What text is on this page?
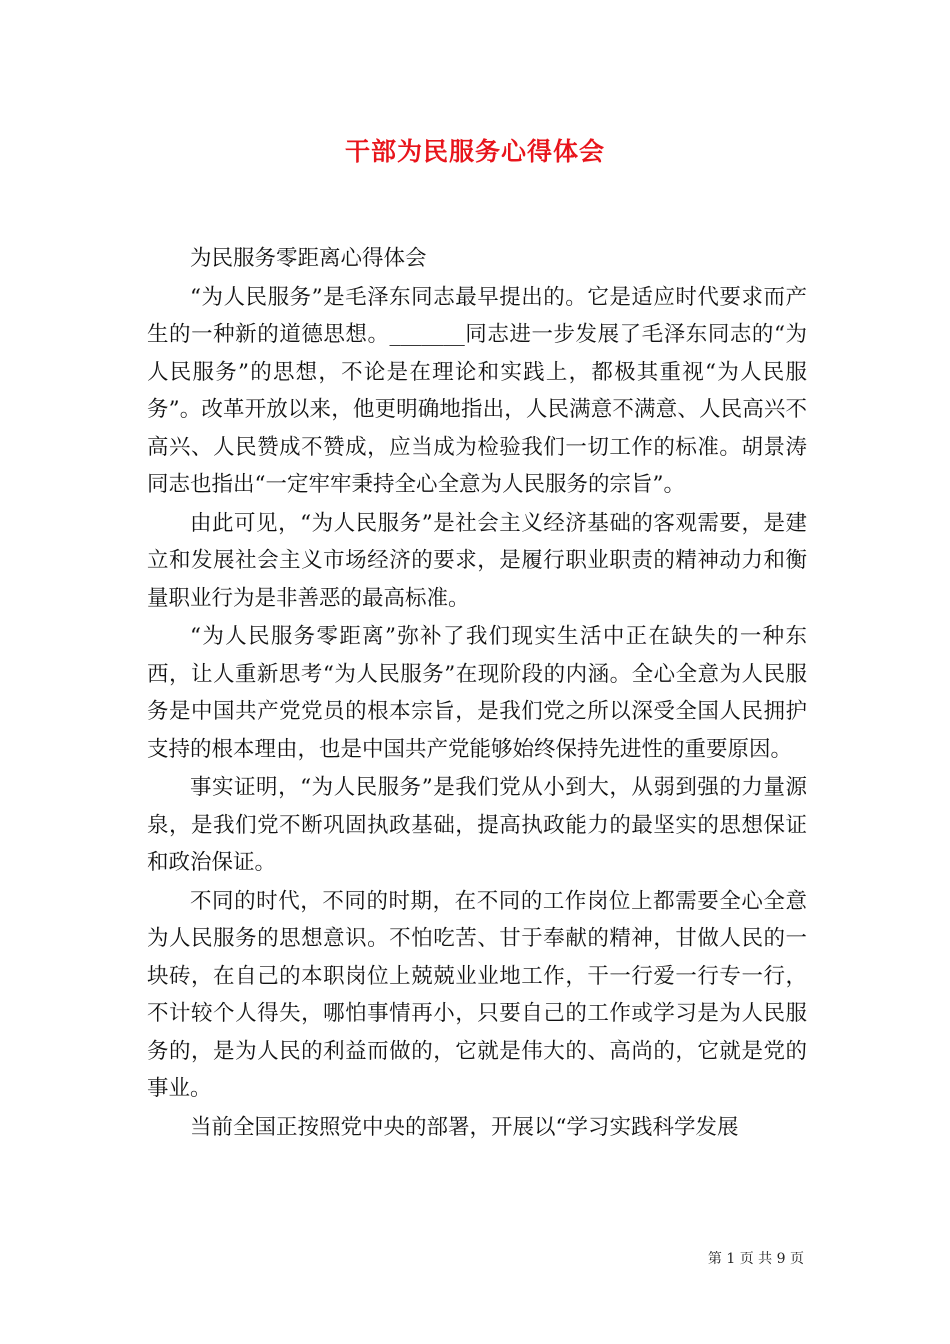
干部为民服务心得体会

为民服务零距离心得体会

“为人民服务”是毛泽东同志最早提出的。它是适应时代要求而产生的一种新的道德思想。_______同志进一步发展了毛泽东同志的“为人民服务”的思想，不论是在理论和实践上，都极其重视“为人民服务”。改革开放以来，他更明确地指出，人民满意不满意、人民高兴不高兴、人民赞成不赞成，应当成为检验我们一切工作的标准。胡景涛同志也指出“一定牢牢秉持全心全意为人民服务的宗旨”。

由此可见，“为人民服务”是社会主义经济基础的客观需要，是建立和发展社会主义市场经济的要求，是履行职业职责的精神动力和衡量职业行为是非善恶的最高标准。

“为人民服务零距离”弥补了我们现实生活中正在缺失的一种东西，让人重新思考“为人民服务”在现阶段的内涵。全心全意为人民服务是中国共产党党员的根本宗旨，是我们党之所以深受全国人民拥护支持的根本理由，也是中国共产党能够始终保持先进性的重要原因。

事实证明，“为人民服务”是我们党从小到大，从弱到强的力量源泉，是我们党不断巩固执政基础，提高执政能力的最坚实的思想保证和政治保证。

不同的时代，不同的时期，在不同的工作岗位上都需要全心全意为人民服务的思想意识。不怕吃苦、甘于奉献的精神，甘做人民的一块砖，在自己的本职岗位上兢兢业业地工作，干一行爱一行专一行，不计较个人得失，哪怕事情再小，只要自己的工作或学习是为人民服务的，是为人民的利益而做的，它就是伟大的、高尚的，它就是党的事业。

当前全国正按照党中央的部署，开展以“学习实践科学发展

第 1 页 共 9 页
